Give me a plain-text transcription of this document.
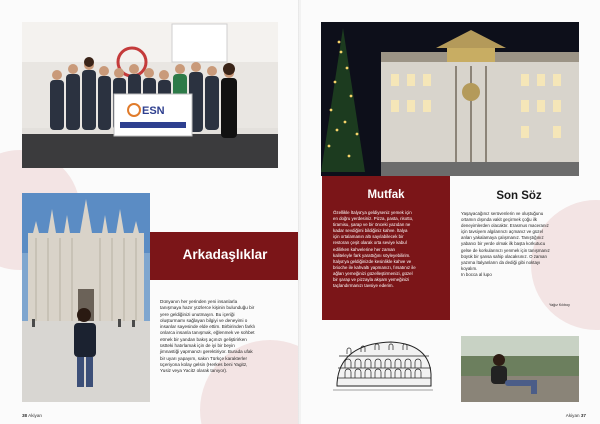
ESN
Arkadaşlıklar
Dünyanın her yerinden yeni insanlarla
tanışmaya hazır yüzlerce kişinin bulunduğu bir
yere geldiğinizi unutmayın. Bu içeriği
oluşturmamı sağlayan bilgiyi ve deneyimi o
insanlar sayesinde elde ettim. Birbirinden farklı
onlarca insanla tanışmak, eğlenmek ve sohbet
etmek bir yandan bakış açınızı geliştirirken
üstteki hatırlamak için de iyi bir beyin
jimnastiği yapmanızı gerektiriyor. Burada ufak
bir uyarı yapayım, sakın Türkçe karakterler
üçeriyona kolay gelsin (Herkes beni Yagitz,
Yusiz veya Yacitz olarak tanıyor).
38 Akiyan
Mutfak
Özellikle İtalya'ya geldiyseniz yemek için
en doğru yerdesiniz. Pizza, pasta, risotto,
tiramisu, şarap ve bir önceki yazıdan ne
kadar sevdiğimi bildiğiniz kahve. İtalya
için ortalamanın altı sayılabilecek bir
restoran çeşit olarak orta seviye kabul
edilirken kahvelerine her zaman
kaliteleyle fark yarattığını söyleyebilirim.
İtalya'ya geldiğinizde kesinlikle kahve ve
brioche ile kahvaltı yapmanızı, fırsatınız ile
ağları yemeğinizi güzelleştirmenizi, güzel
bir şarap ve pizzayla akşam yemeğinizi
taçlandırmanızı tavsiye ederim.
Son Söz
Yaşayacağınız serüvenlerin ve oluştuğunu
ortamın dışında vakit geçirmek çoğu ilk
deneyimlerden olacaktır. Erasmus maceranız
için tavsiyem algılarınızı açmanız ve güzel
anları yakalamaya çalışmanız. Tanıştığınız
yabancı bir yerde olmak ilk başta korkutucu
gelse de korkularınızı yenmek için tanışmanız
büyük bir şansa sahip olacaksınız. O zaman
yazıma İtalyanların da dediği gibi noktayı
koyalım.
In bocca al lupo
Yağız Kılıboy
Akiyan 37
